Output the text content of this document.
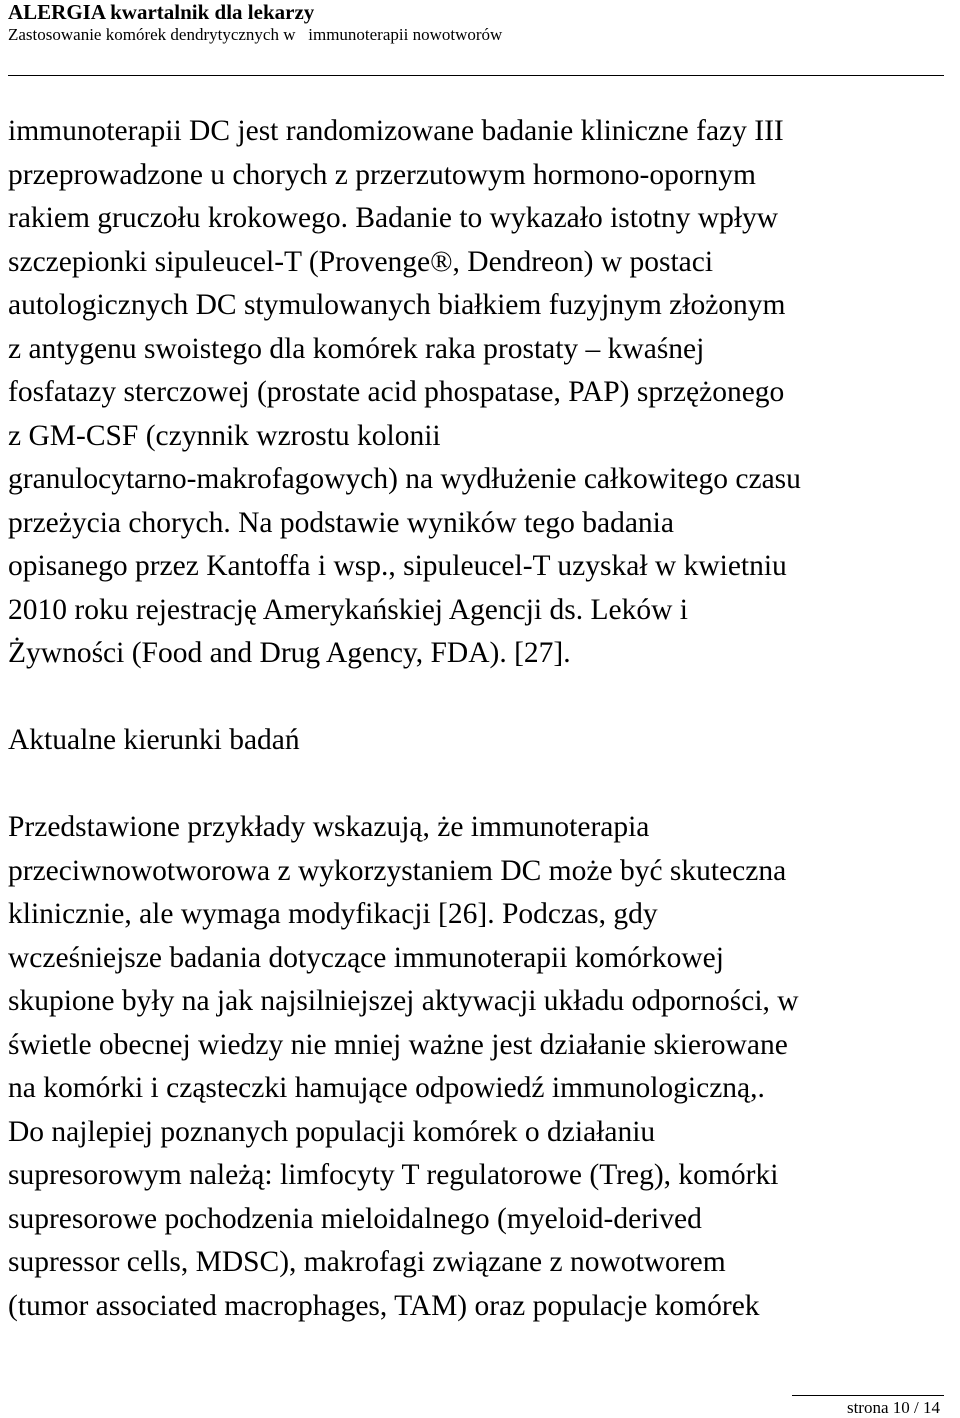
ALERGIA kwartalnik dla lekarzy

Zastosowanie komórek dendrytycznych w  immunoterapii nowotworów

immunoterapii DC jest randomizowane badanie kliniczne fazy III
przeprowadzone u chorych z przerzutowym hormono-opornym
rakiem gruczołu krokowego. Badanie to wykazało istotny wpływ
szczepionki sipuleucel-T (Provenge®, Dendreon) w postaci
autologicznych DC stymulowanych białkiem fuzyjnym złożonym
z antygenu swoistego dla komórek raka prostaty – kwaśnej
fosfatazy sterczowej (prostate acid phospatase, PAP) sprzężonego
z GM-CSF (czynnik wzrostu kolonii
granulocytarno-makrofagowych) na wydłużenie całkowitego czasu
przeżycia chorych. Na podstawie wyników tego badania
opisanego przez Kantoffa i wsp., sipuleucel-T uzyskał w kwietniu
2010 roku rejestrację Amerykańskiej Agencji ds. Leków i
Żywności (Food and Drug Agency, FDA). [27].
Aktualne kierunki badań
Przedstawione przykłady wskazują, że immunoterapia
przeciwnowotworowa z wykorzystaniem DC może być skuteczna
klinicznie, ale wymaga modyfikacji [26]. Podczas, gdy
wcześniejsze badania dotyczące immunoterapii komórkowej
skupione były na jak najsilniejszej aktywacji układu odporności, w
świetle obecnej wiedzy nie mniej ważne jest działanie skierowane
na komórki i cząsteczki hamujące odpowiedź immunologiczną,.
Do najlepiej poznanych populacji komórek o działaniu
supresorowym należą: limfocyty T regulatorowe (Treg), komórki
supresorowe pochodzenia mieloidalnego (myeloid-derived
supressor cells, MDSC), makrofagi związane z nowotworem
(tumor associated macrophages, TAM) oraz populacje komórek
strona 10 / 14
